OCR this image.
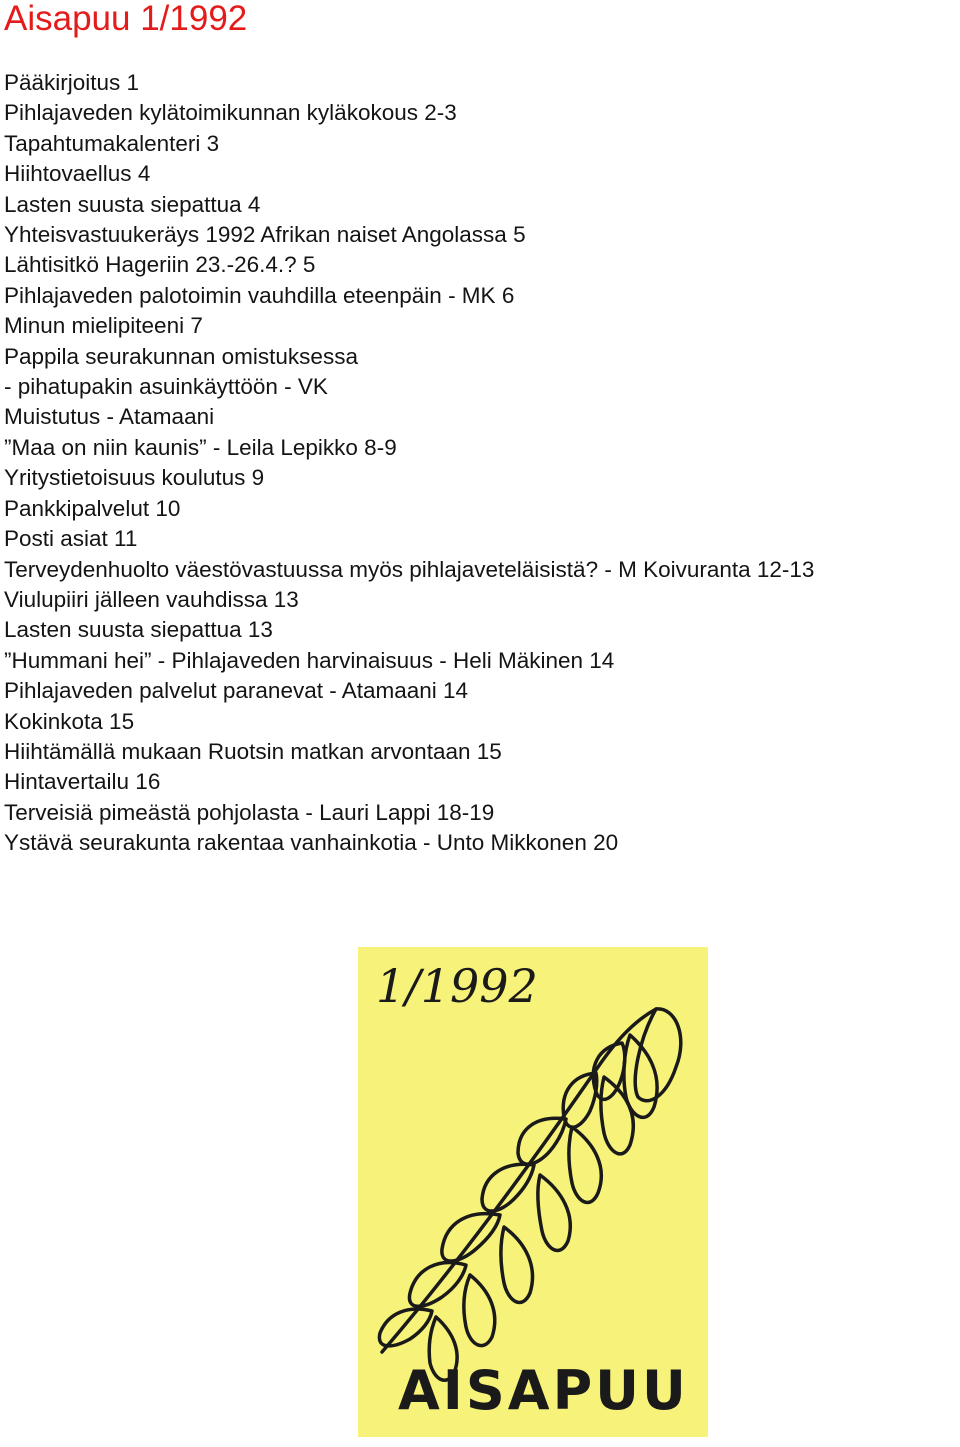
Aisapuu 1/1992
Pääkirjoitus 1
Pihlajaveden kylätoimikunnan kyläkokous 2-3
Tapahtumakalenteri 3
Hiihtovaellus 4
Lasten suusta siepattua 4
Yhteisvastuukeräys 1992 Afrikan naiset Angolassa 5
Lähtisitkö Hageriin 23.-26.4.? 5
Pihlajaveden palotoimin vauhdilla eteenpäin - MK 6
Minun mielipiteeni 7
Pappila seurakunnan omistuksessa
- pihatupakin asuinkäyttöön - VK
Muistutus - Atamaani
”Maa on niin kaunis” - Leila Lepikko 8-9
Yritystietoisuus koulutus 9
Pankkipalvelut 10
Posti asiat 11
Terveydenhuolto väestövastuussa myös pihlajaveteläisistä? - M Koivuranta 12-13
Viulupiiri jälleen vauhdissa 13
Lasten suusta siepattua 13
”Hummani hei” - Pihlajaveden harvinaisuus - Heli Mäkinen 14
Pihlajaveden palvelut paranevat - Atamaani 14
Kokinkota 15
Hiihtämällä mukaan Ruotsin matkan arvontaan 15
Hintavertailu 16
Terveisiä pimeästä pohjolasta - Lauri Lappi 18-19
Ystävä seurakunta rakentaa vanhainkotia - Unto Mikkonen 20
1/1992
AISAPUU
